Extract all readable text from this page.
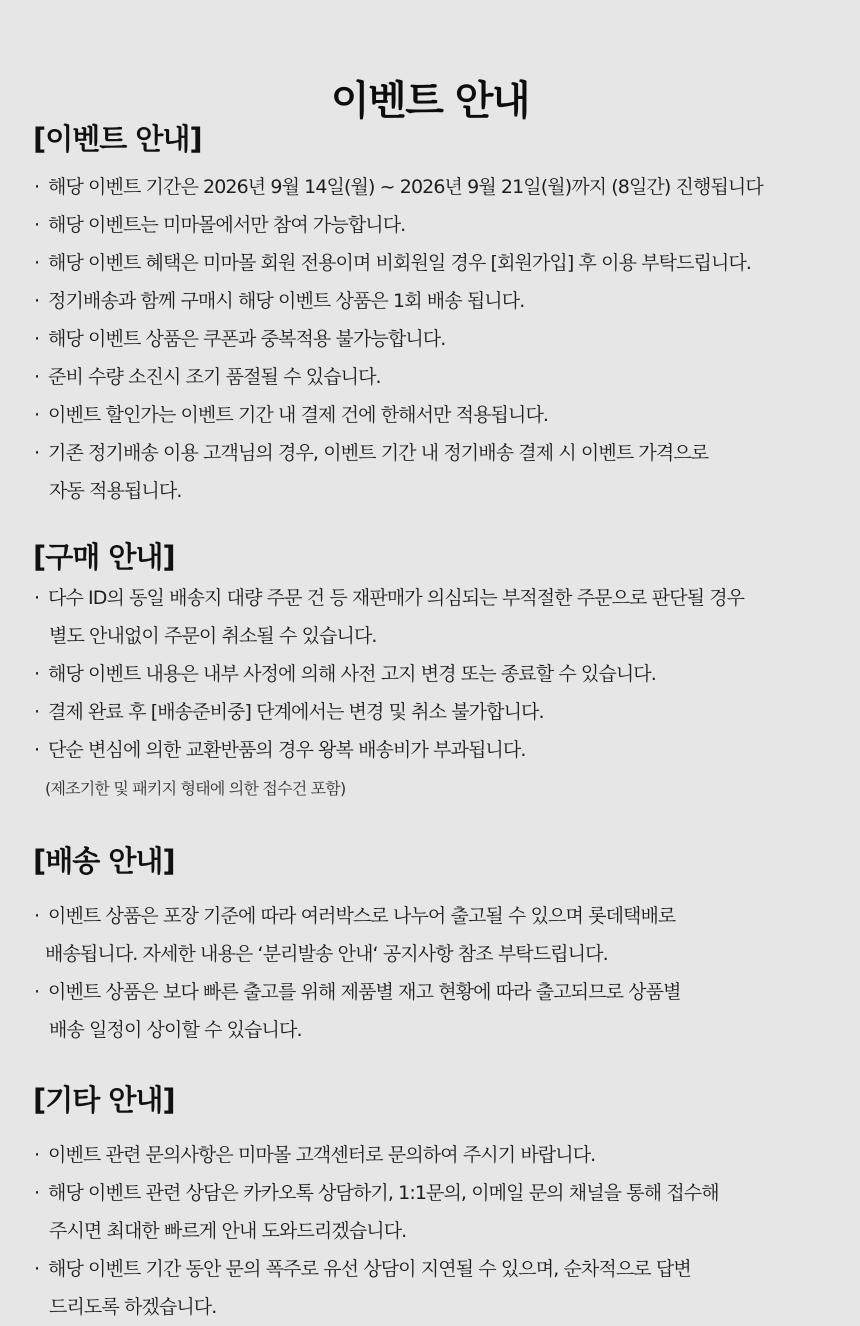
이벤트 안내
[이벤트 안내]
· 해당 이벤트 기간은 2026년 9월 14일(월) ~ 2026년 9월 21일(월)까지 (8일간) 진행됩니다
· 해당 이벤트는 미마몰에서만 참여 가능합니다.
· 해당 이벤트 혜택은 미마몰 회원 전용이며 비회원일 경우 [회원가입] 후 이용 부탁드립니다.
· 정기배송과 함께 구매시 해당 이벤트 상품은 1회 배송 됩니다.
· 해당 이벤트 상품은 쿠폰과 중복적용 불가능합니다.
· 준비 수량 소진시 조기 품절될 수 있습니다.
· 이벤트 할인가는 이벤트 기간 내 결제 건에 한해서만 적용됩니다.
· 기존 정기배송 이용 고객님의 경우, 이벤트 기간 내 정기배송 결제 시 이벤트 가격으로
자동 적용됩니다.
[구매 안내]
· 다수 ID의 동일 배송지 대량 주문 건 등 재판매가 의심되는 부적절한 주문으로 판단될 경우
별도 안내없이 주문이 취소될 수 있습니다.
· 해당 이벤트 내용은 내부 사정에 의해 사전 고지 변경 또는 종료할 수 있습니다.
· 결제 완료 후 [배송준비중] 단계에서는 변경 및 취소 불가합니다.
· 단순 변심에 의한 교환반품의 경우 왕복 배송비가 부과됩니다.
(제조기한 및 패키지 형태에 의한 접수건 포함)
[배송 안내]
· 이벤트 상품은 포장 기준에 따라 여러박스로 나누어 출고될 수 있으며 롯데택배로
배송됩니다. 자세한 내용은 ‘분리발송 안내‘ 공지사항 참조 부탁드립니다.
· 이벤트 상품은 보다 빠른 출고를 위해 제품별 재고 현황에 따라 출고되므로 상품별
배송 일정이 상이할 수 있습니다.
[기타 안내]
· 이벤트 관련 문의사항은 미마몰 고객센터로 문의하여 주시기 바랍니다.
· 해당 이벤트 관련 상담은 카카오톡 상담하기, 1:1문의, 이메일 문의 채널을 통해 접수해
주시면 최대한 빠르게 안내 도와드리겠습니다.
· 해당 이벤트 기간 동안 문의 폭주로 유선 상담이 지연될 수 있으며, 순차적으로 답변
드리도록 하겠습니다.
